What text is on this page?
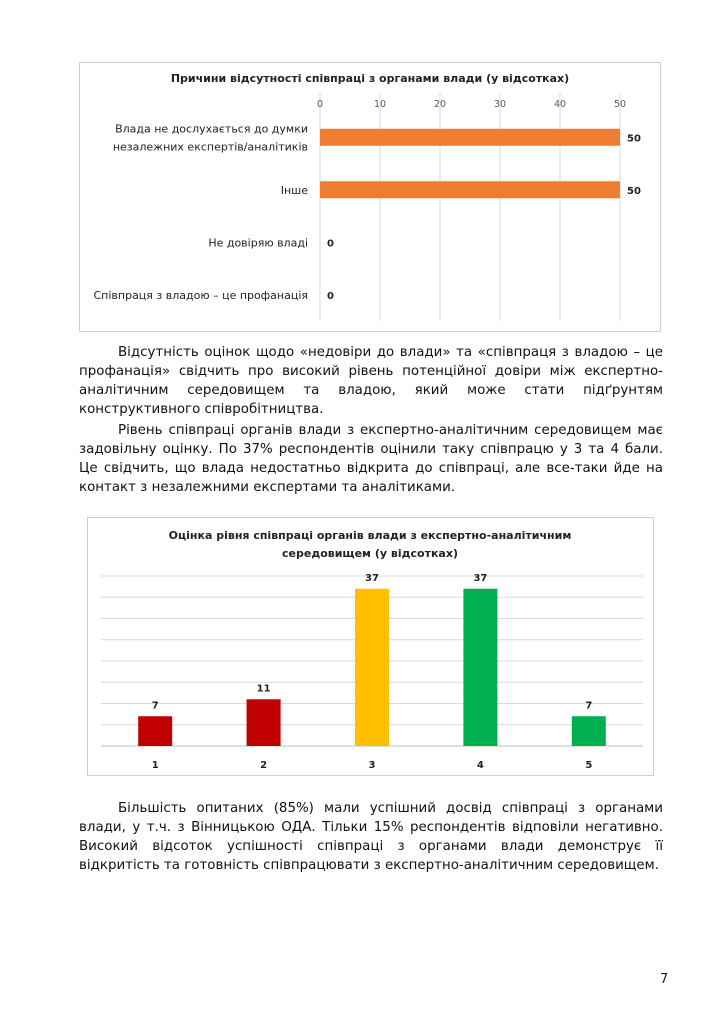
Причини відсутності співпраці з органами влади (у відсотках)
0	10	20	30	40	50
50
Влада не дослухається до думки
незалежних експертів/аналітиків
50
Інше
0
Не довіряю владі
0
Співпраця з владою – це профанація

Відсутність оцінок щодо «недовіри до влади» та «співпраця з владою – це профанація» свідчить про високий рівень потенційної довіри між експертно-аналітичним середовищем та владою, який може стати підґрунтям конструктивного співробітництва.

Рівень співпраці органів влади з експертно-аналітичним середовищем має задовільну оцінку. По 37% респондентів оцінили таку співпрацю у 3 та 4 бали. Це свідчить, що влада недостатньо відкрита до співпраці, але все-таки йде на контакт з незалежними експертами та аналітиками.

Оцінка рівня співпраці органів влади з експертно-аналітичним
середовищем (у відсотках)
7
1
11
2
37
3
37
4
7
5

Більшість опитаних (85%) мали успішний досвід співпраці з органами влади, у т.ч. з Вінницькою ОДА. Тільки 15% респондентів відповіли негативно. Високий відсоток успішності співпраці з органами влади демонструє її відкритість та готовність співпрацювати з експертно-аналітичним середовищем.

7
